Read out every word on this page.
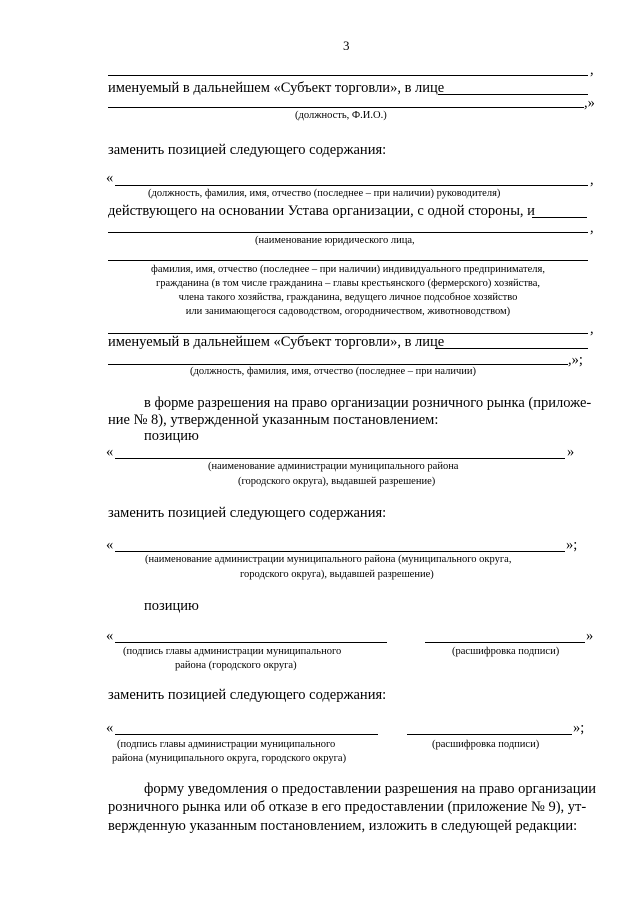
3
,
именуемый в дальнейшем «Субъект торговли», в лице
,»
(должность, Ф.И.О.)
заменить позицией следующего содержания:
«	,
(должность, фамилия, имя, отчество (последнее – при наличии) руководителя)
действующего на основании Устава организации, с одной стороны, и
,
(наименование юридического лица,
фамилия, имя, отчество (последнее – при наличии) индивидуального предпринимателя,
гражданина (в том числе гражданина – главы крестьянского (фермерского) хозяйства,
члена такого хозяйства, гражданина, ведущего личное подсобное хозяйство
или занимающегося садоводством, огородничеством, животноводством)
,
именуемый в дальнейшем «Субъект торговли», в лице
,»;
(должность, фамилия, имя, отчество (последнее – при наличии)
в форме разрешения на право организации розничного рынка (приложе-
ние № 8), утвержденной указанным постановлением:
позицию
«	»
(наименование администрации муниципального района
(городского округа), выдавшей разрешение)
заменить позицией следующего содержания:
«	»;
(наименование администрации муниципального района (муниципального округа,
городского округа), выдавшей разрешение)
позицию
«	»
(подпись главы администрации муниципального
района (городского округа)
(расшифровка подписи)
заменить позицией следующего содержания:
«	»;
(подпись главы администрации муниципального
района (муниципального округа, городского округа)
(расшифровка подписи)
форму уведомления о предоставлении разрешения на право организации
розничного рынка или об отказе в его предоставлении (приложение № 9), ут-
вержденную указанным постановлением, изложить в следующей редакции:
